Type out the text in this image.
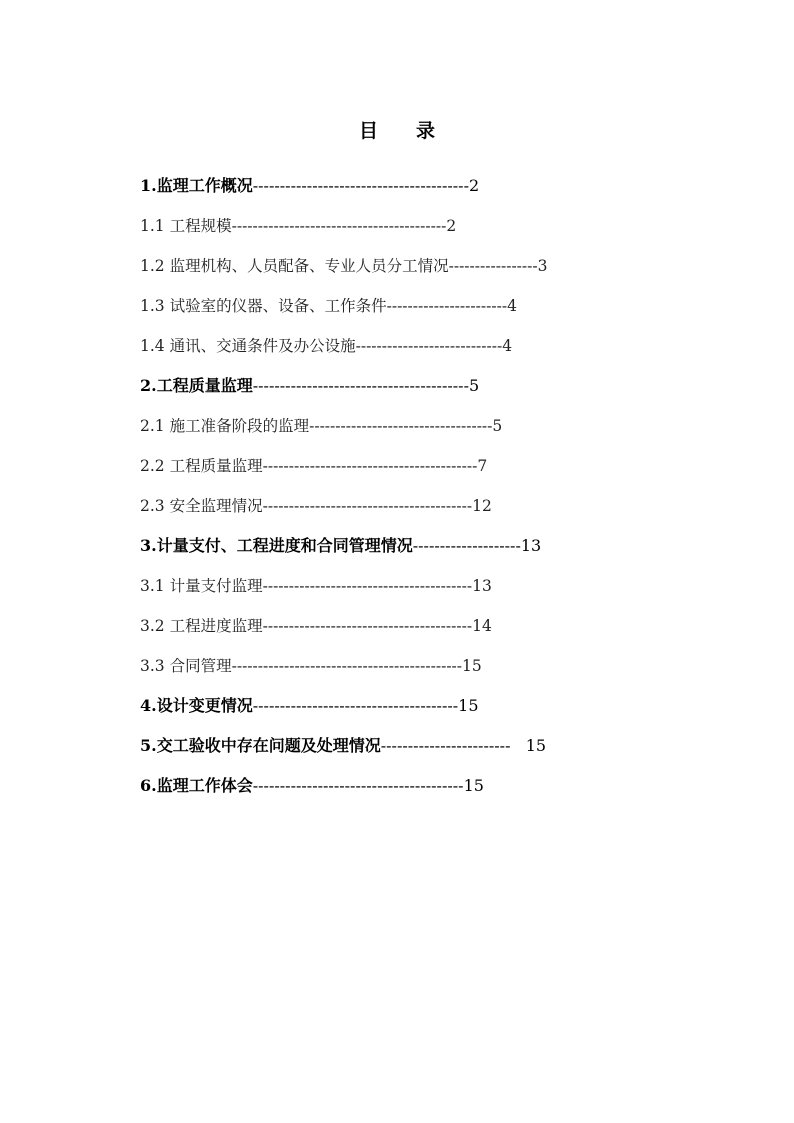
目　　录
1.监理工作概况----------------------------------------2
1.1 工程规模-----------------------------------------2
1.2 监理机构、人员配备、专业人员分工情况-----------------3
1.3 试验室的仪器、设备、工作条件-----------------------4
1.4 通讯、交通条件及办公设施----------------------------4
2.工程质量监理----------------------------------------5
2.1 施工准备阶段的监理-----------------------------------5
2.2 工程质量监理-----------------------------------------7
2.3 安全监理情况----------------------------------------12
3.计量支付、工程进度和合同管理情况--------------------13
3.1 计量支付监理----------------------------------------13
3.2 工程进度监理----------------------------------------14
3.3 合同管理--------------------------------------------15
4.设计变更情况--------------------------------------15
5.交工验收中存在问题及处理情况------------------------   15
6.监理工作体会---------------------------------------15
